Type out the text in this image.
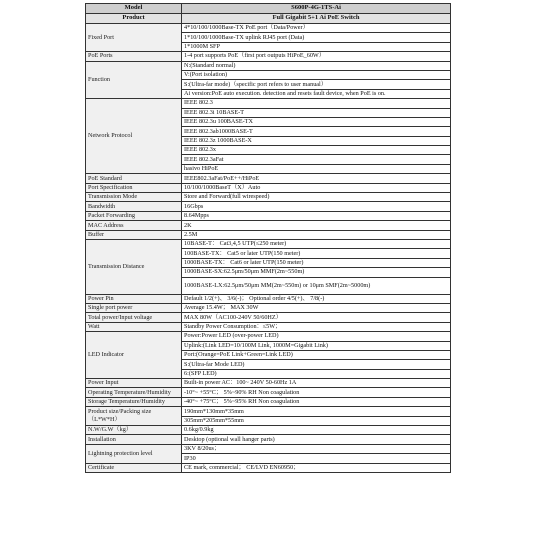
Model	S600P-4G-1TS-Ai
Product	Full Gigabit 5+1 Ai PoE Switch
Fixed Port	4*10/100/1000Base-TX PoE port（Data/Power）
	1*10/100/1000Base-TX uplink RJ45 port (Data)
	1*1000M SFP
PoE Ports	1-4 port supports PoE（first port outputs HiPoE_60W）
Function	N:(Standard normal)
	V:(Port isolation)
	S:(Ultra-far mode)（specific port refers to user manual）
	Ai version:PoE auto execution. detection and resets fault device, when PoE is on.
Network Protocol	IEEE 802.3
	IEEE 802.3i 10BASE-T
	IEEE 802.3u 100BASE-TX
	IEEE 802.3ab1000BASE-T
	IEEE 802.3z 1000BASE-X
	IEEE 802.3x
	IEEE 802.3aFat
	hasivo HiPoE
PoE Standard	IEEE802.3aFat/PoE++/HiPoE
Port Specification	10/100/1000BaseT（X）Auto
Transmission Mode	Store and Forward(full wirespeed)
Bandwidth	16Gbps
Packet Forwarding	8.64Mpps
MAC Address	2K
Buffer	2.5M
Transmission Distance	10BASE-T： Cat3,4,5 UTP(≤250 meter)
	100BASE-TX： Cat5 or later UTP(150 meter)
	1000BASE-TX： Cat6 or later UTP(150 meter)
	1000BASE-SX:62.5μm/50μm MMF(2m~550m)
	1000BASE-LX:62.5μm/50μm MM(2m~550m) or 10μm SMF(2m~5000m)
Power Pin	Default 1/2(+)、 3/6(-)； Optional order 4/5(+)、 7/8(-)
Single port power	Average 15.4W； MAX 30W
Total power/Input voltage	MAX 80W（AC100-240V 50/60HZ）
Watt	Standby Power Consumption：≤5W；
LED Indicator	Power:Power LED (over-power LED)
	Uplink:(Link LED=10/100M Link, 1000M=Gigabit Link)
	Port:(Orange=PoE Link+Green=Link LED)
	S:(Ultra-far Mode LED)
	6:(SFP LED)
Power Input	Built-in power AC：100~ 240V 50-60Hz 1A
Operating Temperature/Humidity	-10°~ +55°C； 5%~90% RH Non coagulation
Storage Temperature/Humidity	-40°~ +75°C； 5%~95% RH Non coagulation
Product size/Packing size（L*W*H）	190mm*130mm*35mm
	305mm*205mm*55mm
N.W/G.W（kg）	0.6kg/0.9kg
Installation	Desktop (optional wall hanger parts)
Lightning protection level	3KV 8/20us；
	IP30
Certificate	CE mark, commercial； CE/LVD EN60950；
